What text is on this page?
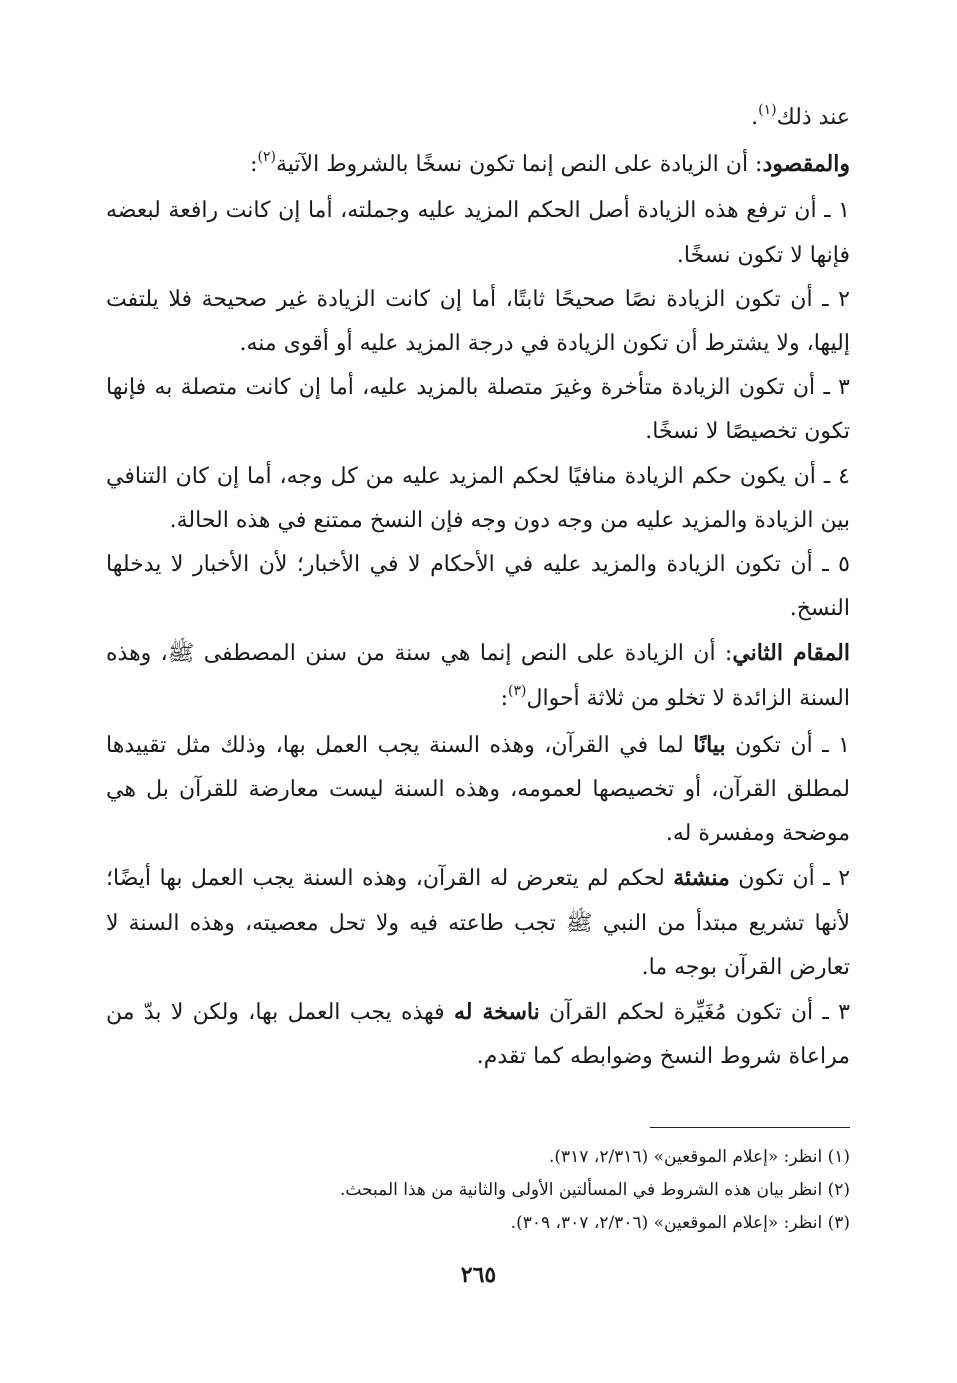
عند ذلك$^{(١)}$.

والمقصود: أن الزيادة على النص إنما تكون نسخًا بالشروط الآتية$^{(٢)}$:

١ ـ أن ترفع هذه الزيادة أصل الحكم المزيد عليه وجملته، أما إن كانت رافعة لبعضه فإنها لا تكون نسخًا.

٢ ـ أن تكون الزيادة نصًا صحيحًا ثابتًا، أما إن كانت الزيادة غير صحيحة فلا يلتفت إليها، ولا يشترط أن تكون الزيادة في درجة المزيد عليه أو أقوى منه.

٣ ـ أن تكون الزيادة متأخرة وغيرَ متصلة بالمزيد عليه، أما إن كانت متصلة به فإنها تكون تخصيصًا لا نسخًا.

٤ ـ أن يكون حكم الزيادة منافيًا لحكم المزيد عليه من كل وجه، أما إن كان التنافي بين الزيادة والمزيد عليه من وجه دون وجه فإن النسخ ممتنع في هذه الحالة.

٥ ـ أن تكون الزيادة والمزيد عليه في الأحكام لا في الأخبار؛ لأن الأخبار لا يدخلها النسخ.

المقام الثاني: أن الزيادة على النص إنما هي سنة من سنن المصطفى ﷺ، وهذه السنة الزائدة لا تخلو من ثلاثة أحوال$^{(٣)}$:

١ ـ أن تكون بيانًا لما في القرآن، وهذه السنة يجب العمل بها، وذلك مثل تقييدها لمطلق القرآن، أو تخصيصها لعمومه، وهذه السنة ليست معارضة للقرآن بل هي موضحة ومفسرة له.

٢ ـ أن تكون منشئة لحكم لم يتعرض له القرآن، وهذه السنة يجب العمل بها أيضًا؛ لأنها تشريع مبتدأ من النبي ﷺ تجب طاعته فيه ولا تحل معصيته، وهذه السنة لا تعارض القرآن بوجه ما.

٣ ـ أن تكون مُغَيِّرة لحكم القرآن ناسخة له فهذه يجب العمل بها، ولكن لا بدّ من مراعاة شروط النسخ وضوابطه كما تقدم.

(١) انظر: «إعلام الموقعين» (٢/٣١٦، ٣١٧).

(٢) انظر بيان هذه الشروط في المسألتين الأولى والثانية من هذا المبحث.

(٣) انظر: «إعلام الموقعين» (٢/٣٠٦، ٣٠٧، ٣٠٩).

٢٦٥
